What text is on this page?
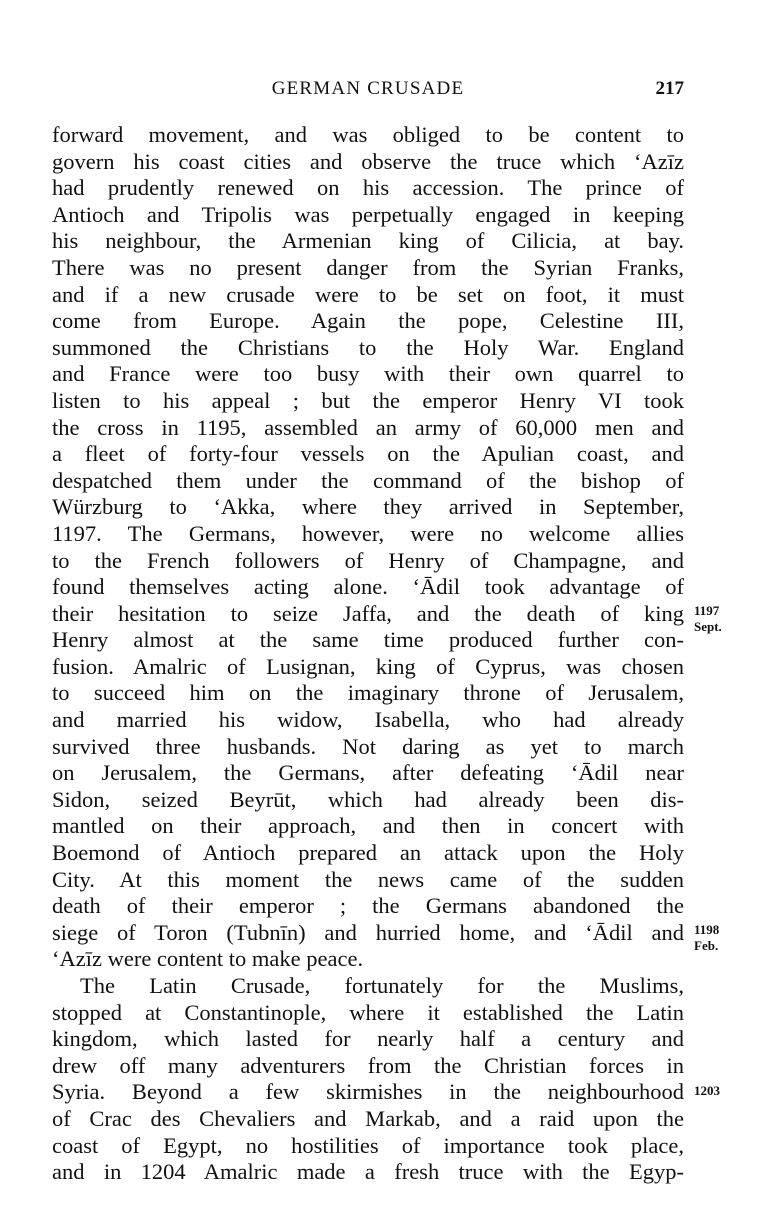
GERMAN CRUSADE	217
forward movement, and was obliged to be content to
govern his coast cities and observe the truce which ‘Azīz
had prudently renewed on his accession. The prince of
Antioch and Tripolis was perpetually engaged in keeping
his neighbour, the Armenian king of Cilicia, at bay.
There was no present danger from the Syrian Franks,
and if a new crusade were to be set on foot, it must
come from Europe. Again the pope, Celestine III,
summoned the Christians to the Holy War. England
and France were too busy with their own quarrel to
listen to his appeal ; but the emperor Henry VI took
the cross in 1195, assembled an army of 60,000 men and
a fleet of forty-four vessels on the Apulian coast, and
despatched them under the command of the bishop of
Würzburg to ‘Akka, where they arrived in September,
1197. The Germans, however, were no welcome allies
to the French followers of Henry of Champagne, and
found themselves acting alone. ‘Ādil took advantage of
their hesitation to seize Jaffa, and the death of king
Henry almost at the same time produced further con-
fusion. Amalric of Lusignan, king of Cyprus, was chosen
to succeed him on the imaginary throne of Jerusalem,
and married his widow, Isabella, who had already
survived three husbands. Not daring as yet to march
on Jerusalem, the Germans, after defeating ‘Ādil near
Sidon, seized Beyrūt, which had already been dis-
mantled on their approach, and then in concert with
Boemond of Antioch prepared an attack upon the Holy
City. At this moment the news came of the sudden
death of their emperor ; the Germans abandoned the
siege of Toron (Tubnīn) and hurried home, and ‘Ādil and
‘Azīz were content to make peace.
The Latin Crusade, fortunately for the Muslims,
stopped at Constantinople, where it established the Latin
kingdom, which lasted for nearly half a century and
drew off many adventurers from the Christian forces in
Syria. Beyond a few skirmishes in the neighbourhood
of Crac des Chevaliers and Markab, and a raid upon the
coast of Egypt, no hostilities of importance took place,
and in 1204 Amalric made a fresh truce with the Egyp-
1197
Sept.
1198
Feb.
1203
